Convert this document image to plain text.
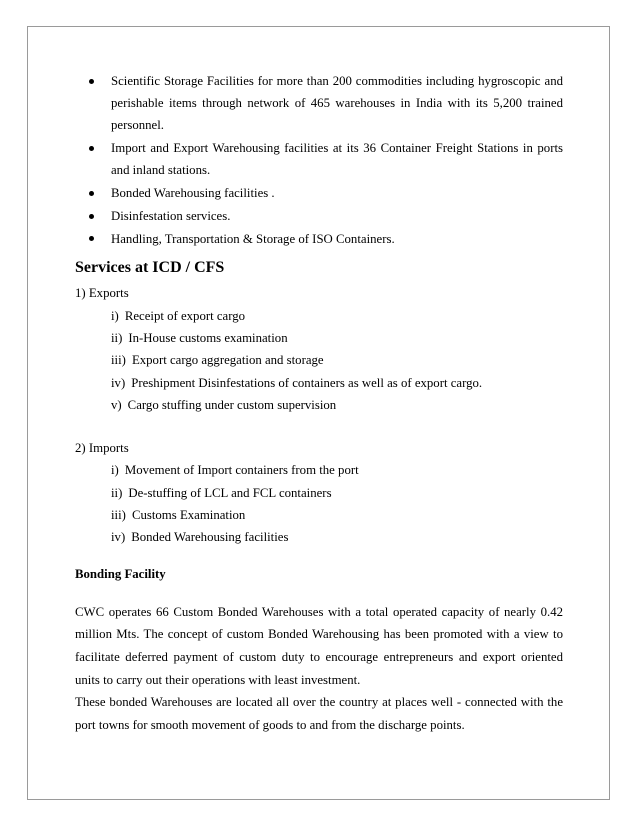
Scientific Storage Facilities for more than 200 commodities including hygroscopic and perishable items through network of 465 warehouses in India with its 5,200 trained personnel.
Import and Export Warehousing facilities at its 36 Container Freight Stations in ports and inland stations.
Bonded Warehousing facilities .
Disinfestation services.
Handling, Transportation & Storage of ISO Containers.
Services at ICD / CFS
1) Exports
i) Receipt of export cargo
ii) In-House customs examination
iii) Export cargo aggregation and storage
iv) Preshipment Disinfestations of containers as well as of export cargo.
v) Cargo stuffing under custom supervision
2) Imports
i) Movement of Import containers from the port
ii) De-stuffing of LCL and FCL containers
iii) Customs Examination
iv) Bonded Warehousing facilities
Bonding Facility

CWC operates 66 Custom Bonded Warehouses with a total operated capacity of nearly 0.42 million Mts. The concept of custom Bonded Warehousing has been promoted with a view to facilitate deferred payment of custom duty to encourage entrepreneurs and export oriented units to carry out their operations with least investment.

These bonded Warehouses are located all over the country at places well - connected with the port towns for smooth movement of goods to and from the discharge points.
